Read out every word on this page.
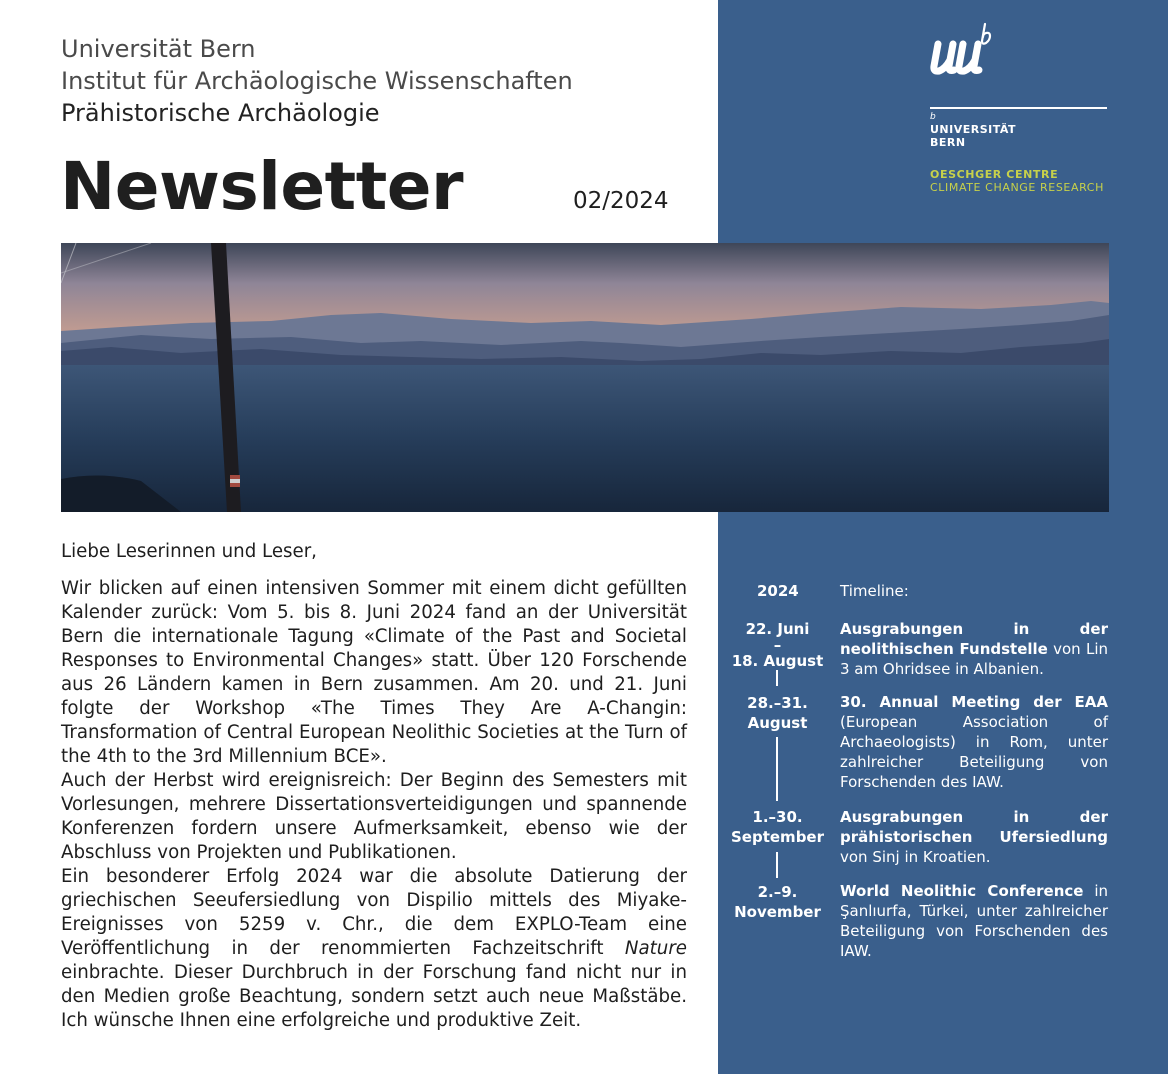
Universität Bern
Institut für Archäologische Wissenschaften
Prähistorische Archäologie
Newsletter	02/2024
b
UNIVERSITÄT
BERN
OESCHGER CENTRE
CLIMATE CHANGE RESEARCH

Liebe Leserinnen und Leser,

Wir blicken auf einen intensiven Sommer mit einem dicht gefüllten Kalender zurück: Vom 5. bis 8. Juni 2024 fand an der Universität Bern die internationale Tagung «Climate of the Past and Societal Responses to Environmental Changes» statt. Über 120 Forschende aus 26 Ländern kamen in Bern zusammen. Am 20. und 21. Juni folgte der Workshop «The Times They Are A-Changin: Transformation of Central European Neolithic Societies at the Turn of the 4th to the 3rd Millennium BCE».

Auch der Herbst wird ereignisreich: Der Beginn des Semesters mit Vorlesungen, mehrere Dissertationsverteidigungen und spannende Konferenzen fordern unsere Aufmerksamkeit, ebenso wie der Abschluss von Projekten und Publikationen.

Ein besonderer Erfolg 2024 war die absolute Datierung der griechischen Seeufersiedlung von Dispilio mittels des Miyake-Ereignisses von 5259 v. Chr., die dem EXPLO-Team eine Veröffentlichung in der renommierten Fachzeitschrift Nature einbrachte. Dieser Durchbruch in der Forschung fand nicht nur in den Medien große Beachtung, sondern setzt auch neue Maßstäbe. Ich wünsche Ihnen eine erfolgreiche und produktive Zeit.

2024	Timeline:
22. Juni
–
18. August
Ausgrabungen in der neolithischen Fundstelle von Lin 3 am Ohridsee in Albanien.
28.–31.
August
30. Annual Meeting der EAA (European Association of Archaeologists) in Rom, unter zahlreicher Beteiligung von Forschenden des IAW.
1.–30.
September
Ausgrabungen in der prähistorischen Ufersiedlung von Sinj in Kroatien.
2.–9.
November
World Neolithic Conference in Şanlıurfa, Türkei, unter zahlreicher Beteiligung von Forschenden des IAW.
